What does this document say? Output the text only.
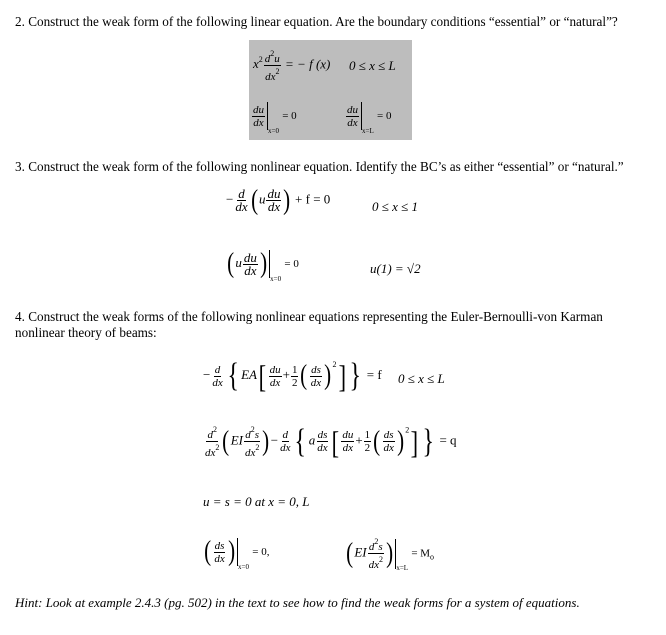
2. Construct the weak form of the following linear equation. Are the boundary conditions “essential” or “natural”?
$x^2 \frac{d^2u}{dx^2}$ = − f (x) 0 ≤ x ≤ L
$\frac{du}{dx}$
$_{x=0}$ = 0	$\frac{du}{dx}$
$_{x=L}$ = 0
3. Construct the weak form of the following nonlinear equation. Identify the BC’s as either “essential” or “natural.”
− $\frac{d}{dx} (u \frac{du}{dx}$ ) + f = 0
0 ≤ x ≤ 1
($u \frac{du}{dx}$ ) $_{x=0}$ = 0	u(1) = √2
4. Construct the weak forms of the following nonlinear equations representing the Euler-Bernoulli-von Karman
nonlinear theory of beams:
− $\frac{d}{dx}$ { $EA[ \frac{du}{dx} + \frac{1}{2}$ ( $\frac{ds}{dx} )^2$] } = f 0 ≤ x ≤ L
$\frac{d^2}{dx^2} (EI \frac{d^2s}{dx^2}$ )− $\frac{d}{dx}$ { a $\frac{ds}{dx}$ [ $\frac{du}{dx} + \frac{1}{2}$ ( $\frac{ds}{dx} )^2$] } = q
u = s = 0 at x = 0, L
( $\frac{ds}{dx}$ ) $_{x=0}$ = 0,	($EI \frac{d^2s}{dx^2}$ ) $_{x=L} = M_o$
Hint: Look at example 2.4.3 (pg. 502) in the text to see how to find the weak forms for a system of equations.
